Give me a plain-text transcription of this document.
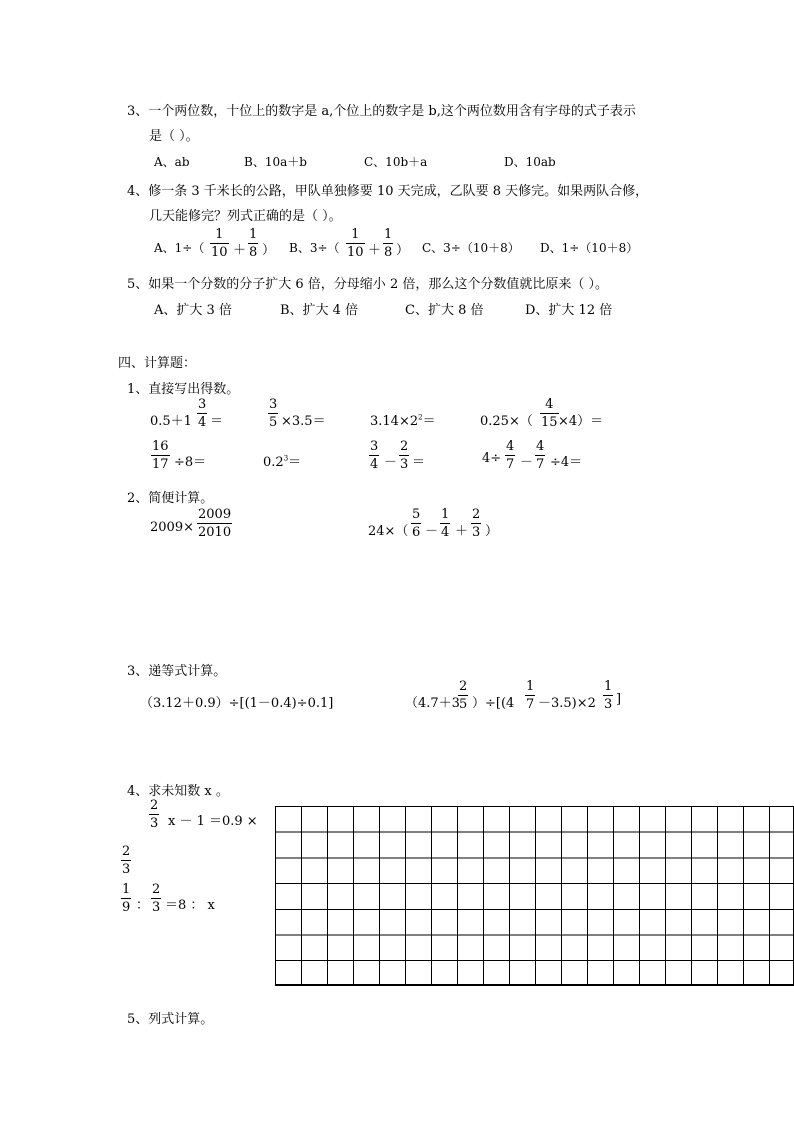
3、一个两位数，十位上的数字是 a,个位上的数字是 b,这个两位数用含有字母的式子表示
是（ ）。
A、ab	B、10a＋b	C、10b＋a	D、10ab
4、修一条 3 千米长的公路，甲队单独修要 10 天完成，乙队要 8 天修完。如果两队合修，
几天能修完？列式正确的是（ ）。
A、1÷（
1
10 ＋
1
8 ） B、3÷（
1
10 ＋
1
8 ） C、3÷（10＋8） D、1÷（10＋8）
5、如果一个分数的分子扩大 6 倍，分母缩小 2 倍，那么这个分数值就比原来（ ）。
A、扩大 3 倍	B、扩大 4 倍	C、扩大 8 倍	D、扩大 12 倍
四、计算题：
1、直接写出得数。
0.5＋1
3
4 ＝
3
5 ×3.5＝	$3.14\times 2^2=$	0.25×（
4
15 ×4）＝
16
17 ÷8＝	$0.2^3=$
3
4 －
2
3 ＝	4÷
4
7 －
4
7 ÷4＝
2、简便计算。
2009×
2009
2010	24×（
5
6 －
1
4 ＋
2
3 ）
3、递等式计算。
（3.12＋0.9）÷[(1－0.4)÷0.1]	（4.7＋3
2
5 ）÷[(4
1
7 －3.5)×2
1
3 ]
4、求未知数 x 。
2
3 x － 1 ＝0.9 ×
2
3
1
9 ：
2
3 ＝8 ： x
5、列式计算。
